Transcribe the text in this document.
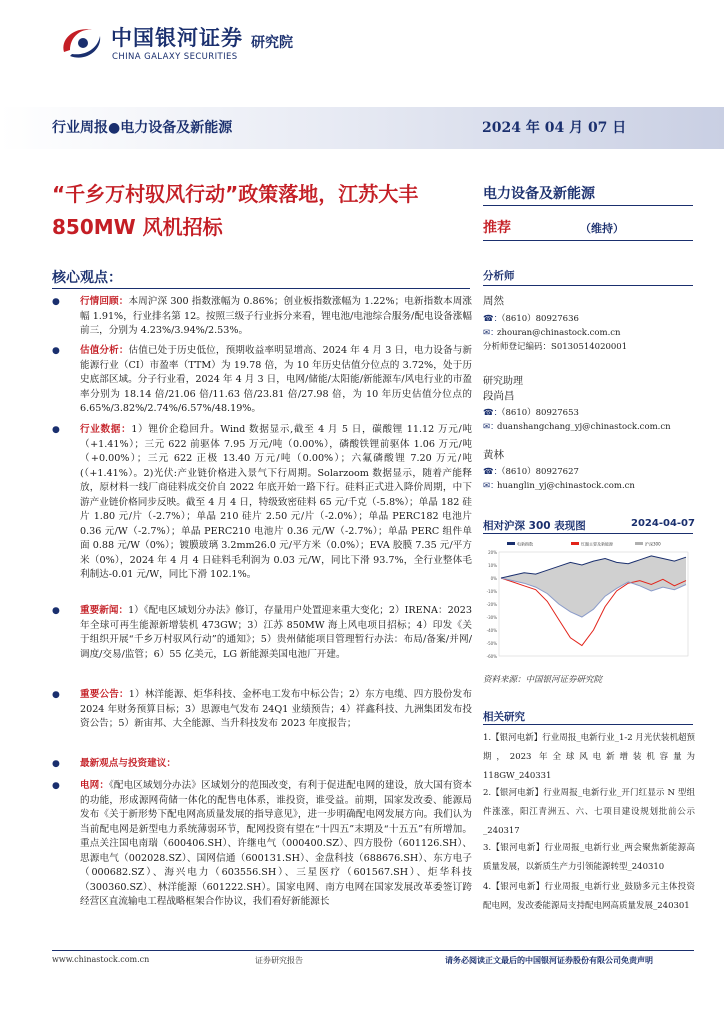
中国银河证券
CHINA GALAXY SECURITIES
研究院
行业周报●电力设备及新能源	2024 年 04 月 07 日
“千乡万村驭风行动”政策落地，江苏大丰 850MW 风机招标
核心观点：
● 行情回顾：本周沪深 300 指数涨幅为 0.86%；创业板指数涨幅为 1.22%；电新指数本周涨幅 1.91%，行业排名第 12。按照三级子行业拆分来看，锂电池/电池综合服务/配电设备涨幅前三，分别为 4.23%/3.94%/2.53%。
● 估值分析：估值已处于历史低位，预期收益率明显增高、2024 年 4 月 3 日，电力设备与新能源行业（CI）市盈率（TTM）为 19.78 倍，为 10 年历史估值分位点的 3.72%，处于历史底部区域。分子行业看，2024 年 4 月 3 日，电网/储能/太阳能/新能源车/风电行业的市盈率分别为 18.14 倍/21.06 倍/11.63 倍/23.81 倍/27.98 倍，为 10 年历史估值分位点的 6.65%/3.82%/2.74%/6.57%/48.19%。
● 行业数据：1）锂价企稳回升。Wind 数据显示,截至 4 月 5 日，碳酸锂 11.12 万元/吨（+1.41%）；三元 622 前驱体 7.95 万元/吨（0.00%），磷酸铁锂前驱体 1.06 万元/吨（+0.00%）；三元 622 正极 13.40 万元/吨（0.00%）；六氟磷酸锂 7.20 万元/吨(（+1.41%）。2)光伏:产业链价格进入景气下行周期。Solarzoom 数据显示，随着产能释放，原材料一线厂商硅料成交价自 2022 年底开始一路下行。硅料正式进入降价周期，中下游产业链价格同步反映。截至 4 月 4 日，特级致密硅料 65 元/千克（-5.8%）；单晶 182 硅片 1.80 元/片（-2.7%）；单晶 210 硅片 2.50 元/片（-2.0%）；单晶 PERC182 电池片 0.36 元/W（-2.7%）；单晶 PERC210 电池片 0.36 元/W（-2.7%）；单晶 PERC 组件单面 0.88 元/W（0%）；镀膜玻璃 3.2mm26.0 元/平方米（0.0%）；EVA 胶膜 7.35 元/平方米（0%），2024 年 4 月 4 日硅料毛利润为 0.03 元/W，同比下滑 93.7%，全行业整体毛利制达-0.01 元/W，同比下滑 102.1%。
● 重要新闻：1）《配电区域划分办法》修订，存量用户处置迎来重大变化；2）IRENA：2023 年全球可再生能源新增装机 473GW；3）江苏 850MW 海上风电项目招标；4）印发《关于组织开展“千乡万村驭风行动”的通知》；5）贵州储能项目管理暂行办法：布局/备案/并网/调度/交易/监管；6）55 亿美元，LG 新能源美国电池厂开建。
● 重要公告：1）林洋能源、炬华科技、金杯电工发布中标公告；2）东方电缆、四方股份发布 2024 年财务预算目标；3）思源电气发布 24Q1 业绩预告；4）祥鑫科技、九洲集团发布投资公告；5）新宙邦、大全能源、当升科技发布 2023 年度报告；
● 最新观点与投资建议：
● 电网：《配电区域划分办法》区域划分的范围改变，有利于促进配电网的建设，放大国有资本的功能，形成源网荷储一体化的配售电体系，谁投资，谁受益。前期，国家发改委、能源局发布《关于新形势下配电网高质量发展的指导意见》，进一步明确配电网发展方向。我们认为当前配电网是新型电力系统薄弱环节，配网投资有望在“十四五”末期及“十五五”有所增加。重点关注国电南瑞（600406.SH）、许继电气（000400.SZ）、四方股份（601126.SH）、思源电气（002028.SZ）、国网信通（600131.SH）、金盘科技（688676.SH）、东方电子（000682.SZ）、海兴电力（603556.SH）、三星医疗（601567.SH）、炬华科技（300360.SZ）、林洋能源（601222.SH）。国家电网、南方电网在国家发展改革委签订跨经营区直流输电工程战略框架合作协议，我们看好新能源长
电力设备及新能源
推荐	（维持）
分析师
周然
☎：（8610）80927636
✉：zhouran@chinastock.com.cn
分析师登记编码：S0130514020001
研究助理
段尚昌
☎：（8610）80927653
✉：duanshangchang_yj@chinastock.com.cn
黄林
☎：（8610）80927627
✉：huanglin_yj@chinastock.com.cn
相对沪深 300 表现图	2024-04-07
20%
10%
0%
-10%
-20%
-30%
-40%
-50%
-60%
电新指数	红圈主要及新能源	沪深300
资料来源：中国银河证券研究院
相关研究
1.【银河电新】行业周报_电新行业_1-2 月光伏装机超预期，2023 年全球风电新增装机容量为 118GW_240331
2.【银河电新】行业周报_电新行业_开门红显示 N 型组件涨涨，阳江青洲五、六、七项目建设规划批前公示_240317
3.【银河电新】行业周报_电新行业_两会聚焦新能源高质量发展，以新质生产力引领能源转型_240310
4.【银河电新】行业周报_电新行业_鼓励多元主体投资配电网，发改委能源局支持配电网高质量发展_240301
www.chinastock.com.cn	证券研究报告	请务必阅读正文最后的中国银河证券股份有限公司免责声明
